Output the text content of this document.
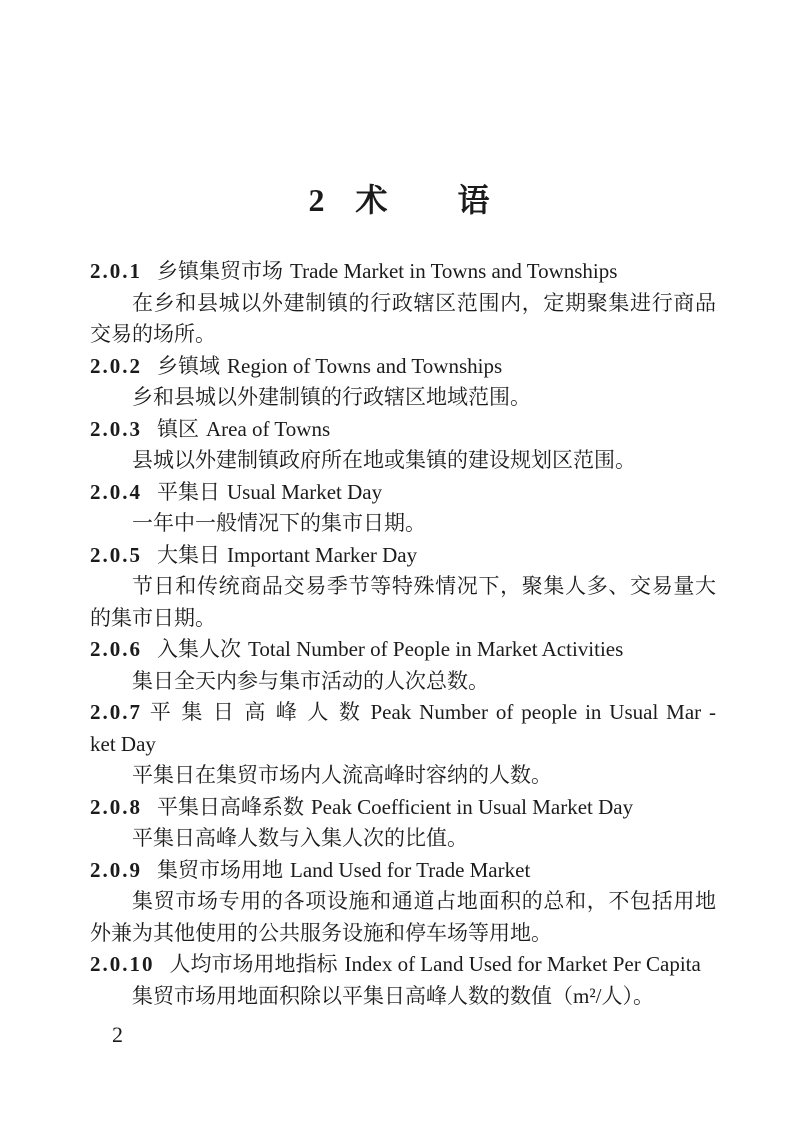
2 术　　语
2.0.1 乡镇集贸市场 Trade Market in Towns and Townships

在乡和县城以外建制镇的行政辖区范围内，定期聚集进行商品交易的场所。

2.0.2 乡镇域 Region of Towns and Townships

乡和县城以外建制镇的行政辖区地域范围。

2.0.3 镇区 Area of Towns

县城以外建制镇政府所在地或集镇的建设规划区范围。

2.0.4 平集日 Usual Market Day

一年中一般情况下的集市日期。

2.0.5 大集日 Important Marker Day

节日和传统商品交易季节等特殊情况下，聚集人多、交易量大的集市日期。

2.0.6 入集人次 Total Number of People in Market Activities

集日全天内参与集市活动的人次总数。

2.0.7 平 集 日 高 峰 人 数 Peak Number of people in Usual Mar -
ket Day

平集日在集贸市场内人流高峰时容纳的人数。

2.0.8 平集日高峰系数 Peak Coefficient in Usual Market Day

平集日高峰人数与入集人次的比值。

2.0.9 集贸市场用地 Land Used for Trade Market

集贸市场专用的各项设施和通道占地面积的总和，不包括用地外兼为其他使用的公共服务设施和停车场等用地。

2.0.10 人均市场用地指标 Index of Land Used for Market Per Capita

集贸市场用地面积除以平集日高峰人数的数值（m²/人）。

2
